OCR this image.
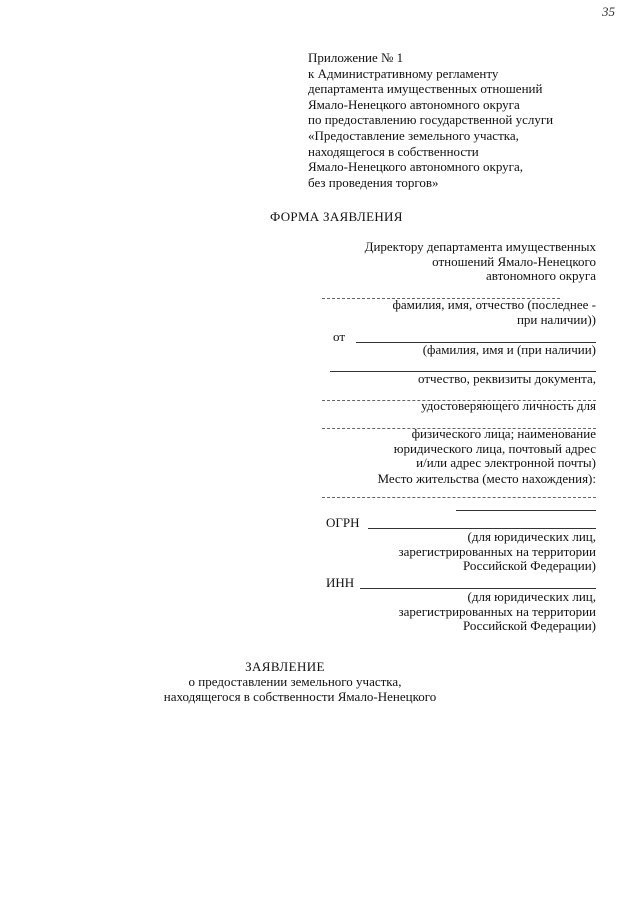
35
Приложение № 1
к Административному регламенту
департамента имущественных отношений
Ямало-Ненецкого автономного округа
по предоставлению государственной услуги
«Предоставление земельного участка,
находящегося в собственности
Ямало-Ненецкого автономного округа,
без проведения торгов»
ФОРМА ЗАЯВЛЕНИЯ
Директору департамента имущественных
отношений Ямало-Ненецкого
автономного округа
фамилия, имя, отчество (последнее -
при наличии))
от
(фамилия, имя и (при наличии)
отчество, реквизиты документа,
удостоверяющего личность для
физического лица; наименование
юридического лица, почтовый адрес
и/или адрес электронной почты)
Место жительства (место нахождения):
ОГРН
(для юридических лиц,
зарегистрированных на территории
Российской Федерации)
ИНН
(для юридических лиц,
зарегистрированных на территории
Российской Федерации)
ЗАЯВЛЕНИЕ
о предоставлении земельного участка,
находящегося в собственности Ямало-Ненецкого
